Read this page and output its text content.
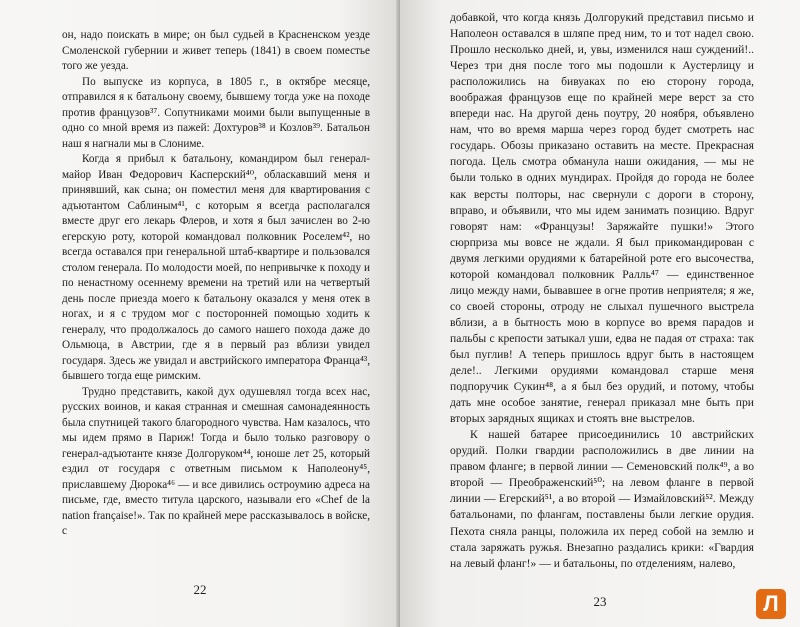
он, надо поискать в мире; он был судьей в Красненском уезде Смоленской губернии и живет теперь (1841) в своем поместье того же уезда.

По выпуске из корпуса, в 1805 г., в октябре месяце, отправился я к батальону своему, бывшему тогда уже на походе против французов³⁷. Сопутниками моими были выпущенные в одно со мной время из пажей: Дохтуров³⁸ и Козлов³⁹. Батальон наш я нагнали мы в Слониме.

Когда я прибыл к батальону, командиром был генерал-майор Иван Федорович Каспeрский⁴⁰, обласкавший меня и принявший, как сына; он поместил меня для квартирования с адъютантом Саблиным⁴¹, с которым я всегда располагался вместе друг его лекарь Флеров, и хотя я был зачислен во 2-ю егерскую роту, которой командовал полковник Роселем⁴², но всегда оставался при генеральной штаб-квартире и пользовался столом генерала. По молодости моей, по непривычке к походу и по ненастному осеннему времени на третий или на четвертый день после приезда моего к батальону оказался у меня отек в ногах, и я с трудом мог с посторонней помощью ходить к генералу, что продолжалось до самого нашего похода даже до Ольмюца, в Австрии, где я в первый раз вблизи увидел государя. Здесь же увидал и австрийского императора Франца⁴³, бывшего тогда еще римским.

Трудно представить, какой дух одушевлял тогда всех нас, русских воинов, и какая странная и смешная самонадеянность была спутницей такого благородного чувства. Нам казалось, что мы идем прямо в Париж! Тогда и было только разговору о генерал-адъютанте князе Долгоруком⁴⁴, юноше лет 25, который ездил от государя с ответным письмом к Наполеону⁴⁵, приславшему Дюрока⁴⁶ — и все дивились остроумию адреса на письме, где, вместо титула царского, называли его «Chef de la nation française!». Так по крайней мере рассказывалось в войске, с

22

добавкой, что когда князь Долгорукий представил письмо и Наполеон оставался в шляпе пред ним, то и тот надел свою. Прошло несколько дней, и, увы, изменился наш суждений!.. Через три дня после того мы подошли к Аустерлицу и расположились на бивуаках по ею сторону города, воображая французов еще по крайней мере верст за сто впереди нас. На другой день поутру, 20 ноября, объявлено нам, что во время марша через город будет смотреть нас государь. Обозы приказано оставить на месте. Прекрасная погода. Цель смотра обманула наши ожидания, — мы не были только в одних мундирах. Пройдя до города не более как версты полторы, нас свернули с дороги в сторону, вправо, и объявили, что мы идем занимать позицию. Вдруг говорят нам: «Французы! Заряжайте пушки!» Этого сюрприза мы вовсе не ждали. Я был прикомандирован с двумя легкими орудиями к батарейной роте его высочества, которой командовал полковник Ралль⁴⁷ — единственное лицо между нами, бывавшее в огне против неприятеля; я же, со своей стороны, отроду не слыхал пушечного выстрела вблизи, а в бытность мою в корпусе во время парадов и пальбы с крепости затыкал уши, едва не падая от страха: так был пуглив! А теперь пришлось вдруг быть в настоящем деле!.. Легкими орудиями командовал старше меня подпоручик Сукин⁴⁸, а я был без орудий, и потому, чтобы дать мне особое занятие, генерал приказал мне быть при вторых зарядных ящиках и стоять вне выстрелов.

К нашей батарее присоединились 10 австрийских орудий. Полки гвардии расположились в две линии на правом фланге; в первой линии — Семеновский полк⁴⁹, а во второй — Преображенский⁵⁰; на левом фланге в первой линии — Егерский⁵¹, а во второй — Измайловский⁵². Между батальонами, по флангам, поставлены были легкие орудия. Пехота сняла ранцы, положила их перед собой на землю и стала заряжать ружья. Внезапно раздались крики: «Гвардия на левый фланг!» — и батальоны, по отделениям, налево,

23	Л
